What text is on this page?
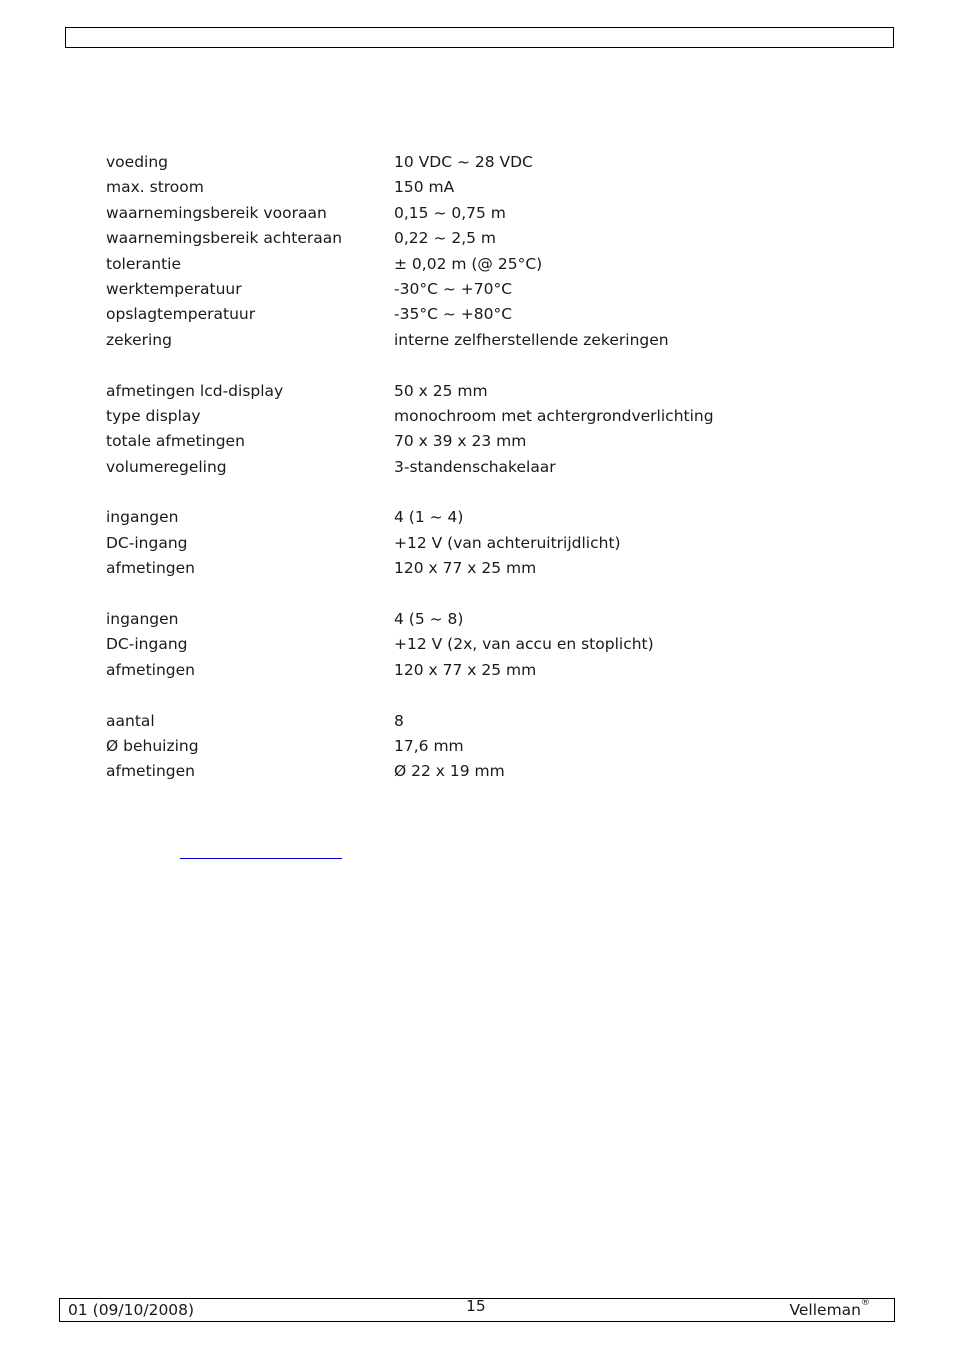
voeding	10 VDC ~ 28 VDC
max. stroom	150 mA
waarnemingsbereik vooraan	0,15 ~ 0,75 m
waarnemingsbereik achteraan	0,22 ~ 2,5 m
tolerantie	± 0,02 m (@ 25°C)
werktemperatuur	-30°C ~ +70°C
opslagtemperatuur	-35°C ~ +80°C
zekering	interne zelfherstellende zekeringen
afmetingen lcd-display	50 x 25 mm
type display	monochroom met achtergrondverlichting
totale afmetingen	70 x 39 x 23 mm
volumeregeling	3-standenschakelaar
ingangen	4 (1 ~ 4)
DC-ingang	+12 V (van achteruitrijdlicht)
afmetingen	120 x 77 x 25 mm
ingangen	4 (5 ~ 8)
DC-ingang	+12 V (2x, van accu en stoplicht)
afmetingen	120 x 77 x 25 mm
aantal	8
Ø behuizing	17,6 mm
afmetingen	Ø 22 x 19 mm
01 (09/10/2008)	15	Velleman ®
